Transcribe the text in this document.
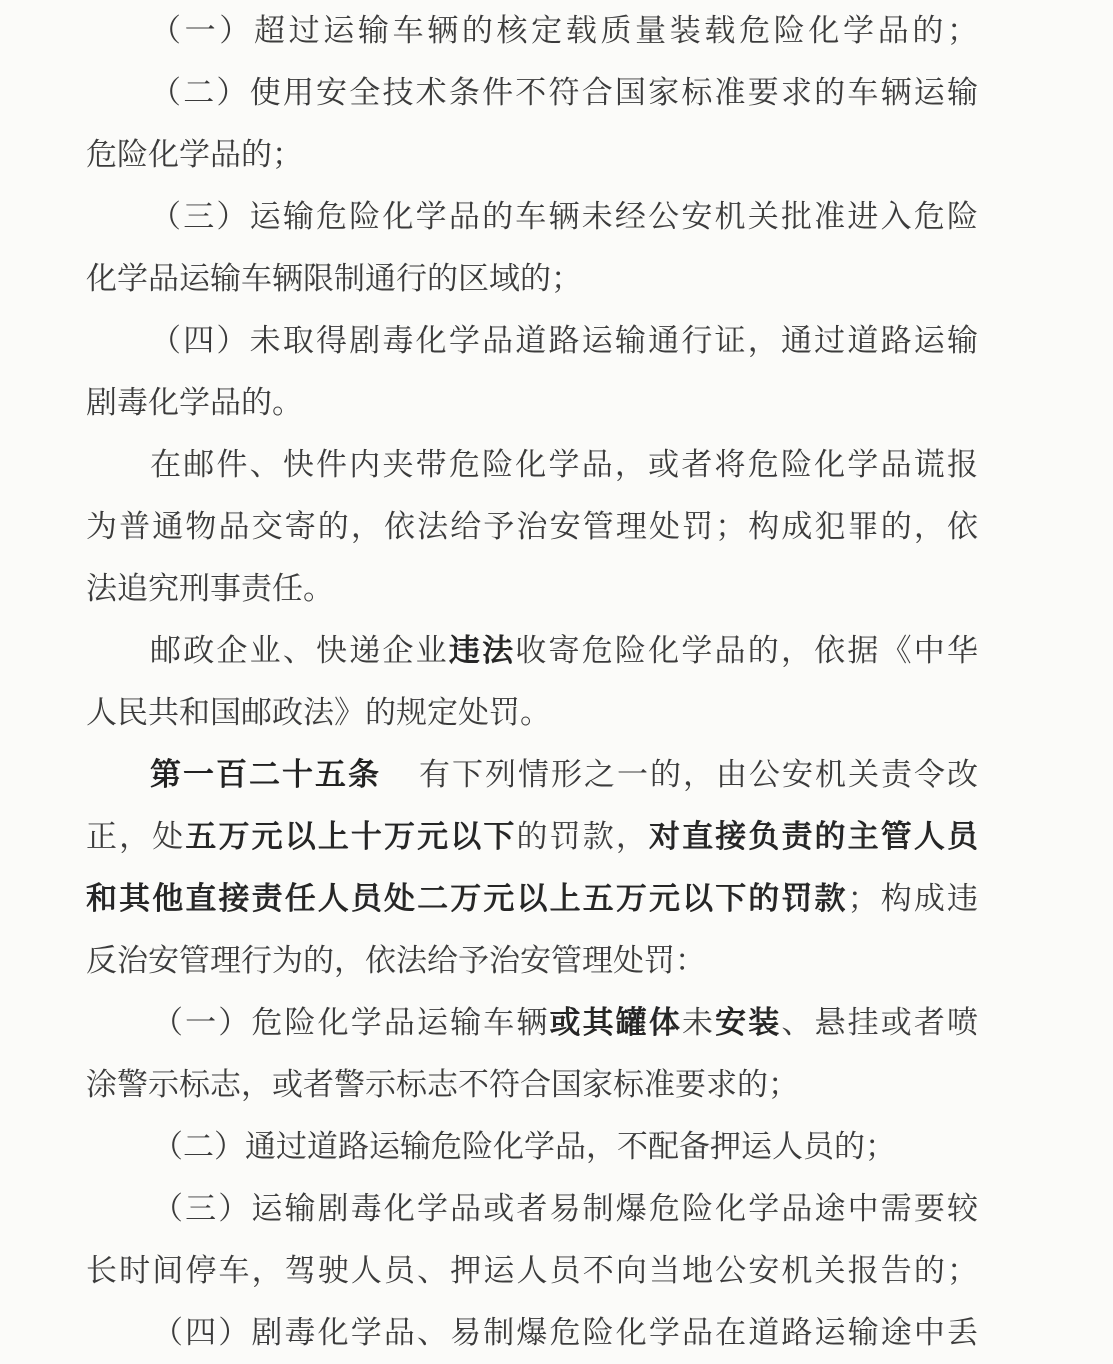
（一）超过运输车辆的核定载质量装载危险化学品的；
（二）使用安全技术条件不符合国家标准要求的车辆运输
危险化学品的；
（三）运输危险化学品的车辆未经公安机关批准进入危险
化学品运输车辆限制通行的区域的；
（四）未取得剧毒化学品道路运输通行证，通过道路运输
剧毒化学品的。
在邮件、快件内夹带危险化学品，或者将危险化学品谎报
为普通物品交寄的，依法给予治安管理处罚；构成犯罪的，依
法追究刑事责任。
邮政企业、快递企业违法收寄危险化学品的，依据《中华
人民共和国邮政法》的规定处罚。
第一百二十五条 有下列情形之一的，由公安机关责令改
正，处五万元以上十万元以下的罚款，对直接负责的主管人员
和其他直接责任人员处二万元以上五万元以下的罚款；构成违
反治安管理行为的，依法给予治安管理处罚：
（一）危险化学品运输车辆或其罐体未安装、悬挂或者喷
涂警示标志，或者警示标志不符合国家标准要求的；
（二）通过道路运输危险化学品，不配备押运人员的；
（三）运输剧毒化学品或者易制爆危险化学品途中需要较
长时间停车，驾驶人员、押运人员不向当地公安机关报告的；
（四）剧毒化学品、易制爆危险化学品在道路运输途中丢
